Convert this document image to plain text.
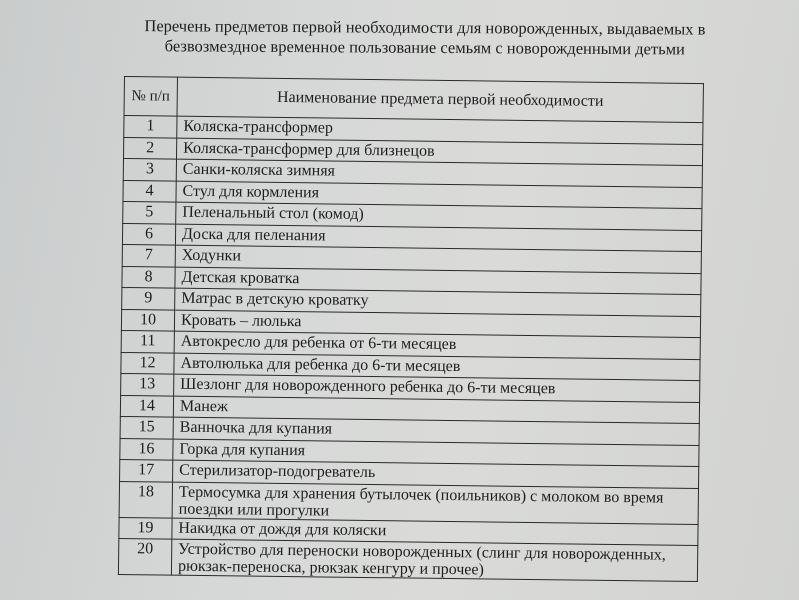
Перечень предметов первой необходимости для новорожденных, выдаваемых в безвозмездное временное пользование семьям с новорожденными детьми
№ п/п	Наименование предмета первой необходимости
1	Коляска-трансформер
2	Коляска-трансформер для близнецов
3	Санки-коляска зимняя
4	Стул для кормления
5	Пеленальный стол (комод)
6	Доска для пеленания
7	Ходунки
8	Детская кроватка
9	Матрас в детскую кроватку
10	Кровать – люлька
11	Автокресло для ребенка от 6-ти месяцев
12	Автолюлька для ребенка до 6-ти месяцев
13	Шезлонг для новорожденного ребенка до 6-ти месяцев
14	Манеж
15	Ванночка для купания
16	Горка для купания
17	Стерилизатор-подогреватель
18	Термосумка для хранения бутылочек (поильников) с молоком во время поездки или прогулки
19	Накидка от дождя для коляски
20	Устройство для переноски новорожденных (слинг для новорожденных, рюкзак-переноска, рюкзак кенгуру и прочее)
